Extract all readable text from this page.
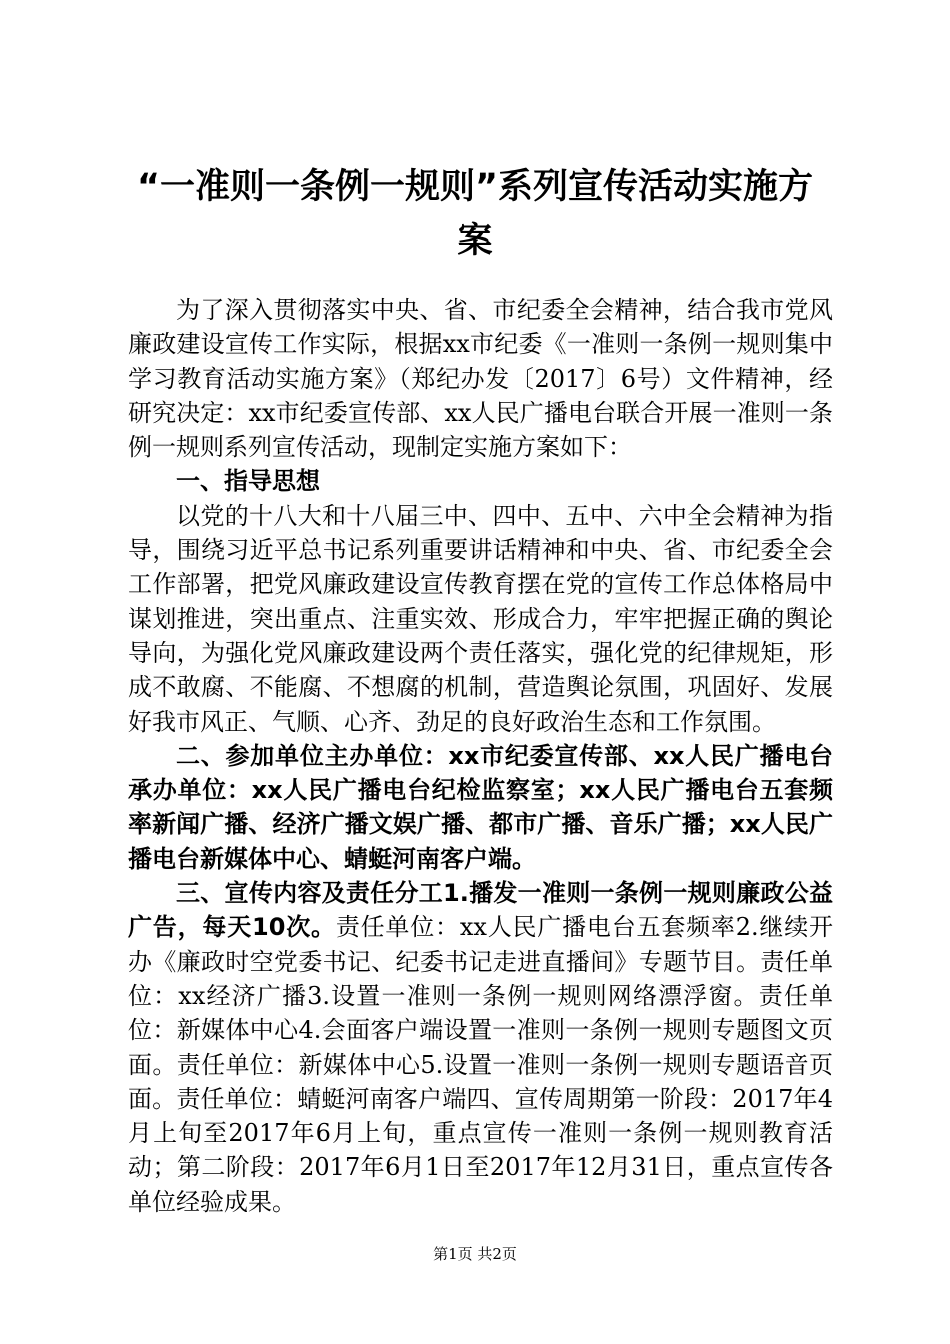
“一准则一条例一规则”系列宣传活动实施方案

为了深入贯彻落实中央、省、市纪委全会精神，结合我市党风廉政建设宣传工作实际，根据xx市纪委《一准则一条例一规则集中学习教育活动实施方案》（郑纪办发〔2017〕6号）文件精神，经研究决定：xx市纪委宣传部、xx人民广播电台联合开展一准则一条例一规则系列宣传活动，现制定实施方案如下：

一、指导思想

以党的十八大和十八届三中、四中、五中、六中全会精神为指导，围绕习近平总书记系列重要讲话精神和中央、省、市纪委全会工作部署，把党风廉政建设宣传教育摆在党的宣传工作总体格局中谋划推进，突出重点、注重实效、形成合力，牢牢把握正确的舆论导向，为强化党风廉政建设两个责任落实，强化党的纪律规矩，形成不敢腐、不能腐、不想腐的机制，营造舆论氛围，巩固好、发展好我市风正、气顺、心齐、劲足的良好政治生态和工作氛围。

二、参加单位主办单位：xx市纪委宣传部、xx人民广播电台承办单位：xx人民广播电台纪检监察室；xx人民广播电台五套频率新闻广播、经济广播文娱广播、都市广播、音乐广播；xx人民广播电台新媒体中心、蜻蜓河南客户端。

三、宣传内容及责任分工1.播发一准则一条例一规则廉政公益广告，每天10次。责任单位：xx人民广播电台五套频率2.继续开办《廉政时空党委书记、纪委书记走进直播间》专题节目。责任单位：xx经济广播3.设置一准则一条例一规则网络漂浮窗。责任单位：新媒体中心4.会面客户端设置一准则一条例一规则专题图文页面。责任单位：新媒体中心5.设置一准则一条例一规则专题语音页面。责任单位：蜻蜓河南客户端四、宣传周期第一阶段：2017年4月上旬至2017年6月上旬，重点宣传一准则一条例一规则教育活动；第二阶段：2017年6月1日至2017年12月31日，重点宣传各单位经验成果。

第1页 共2页
